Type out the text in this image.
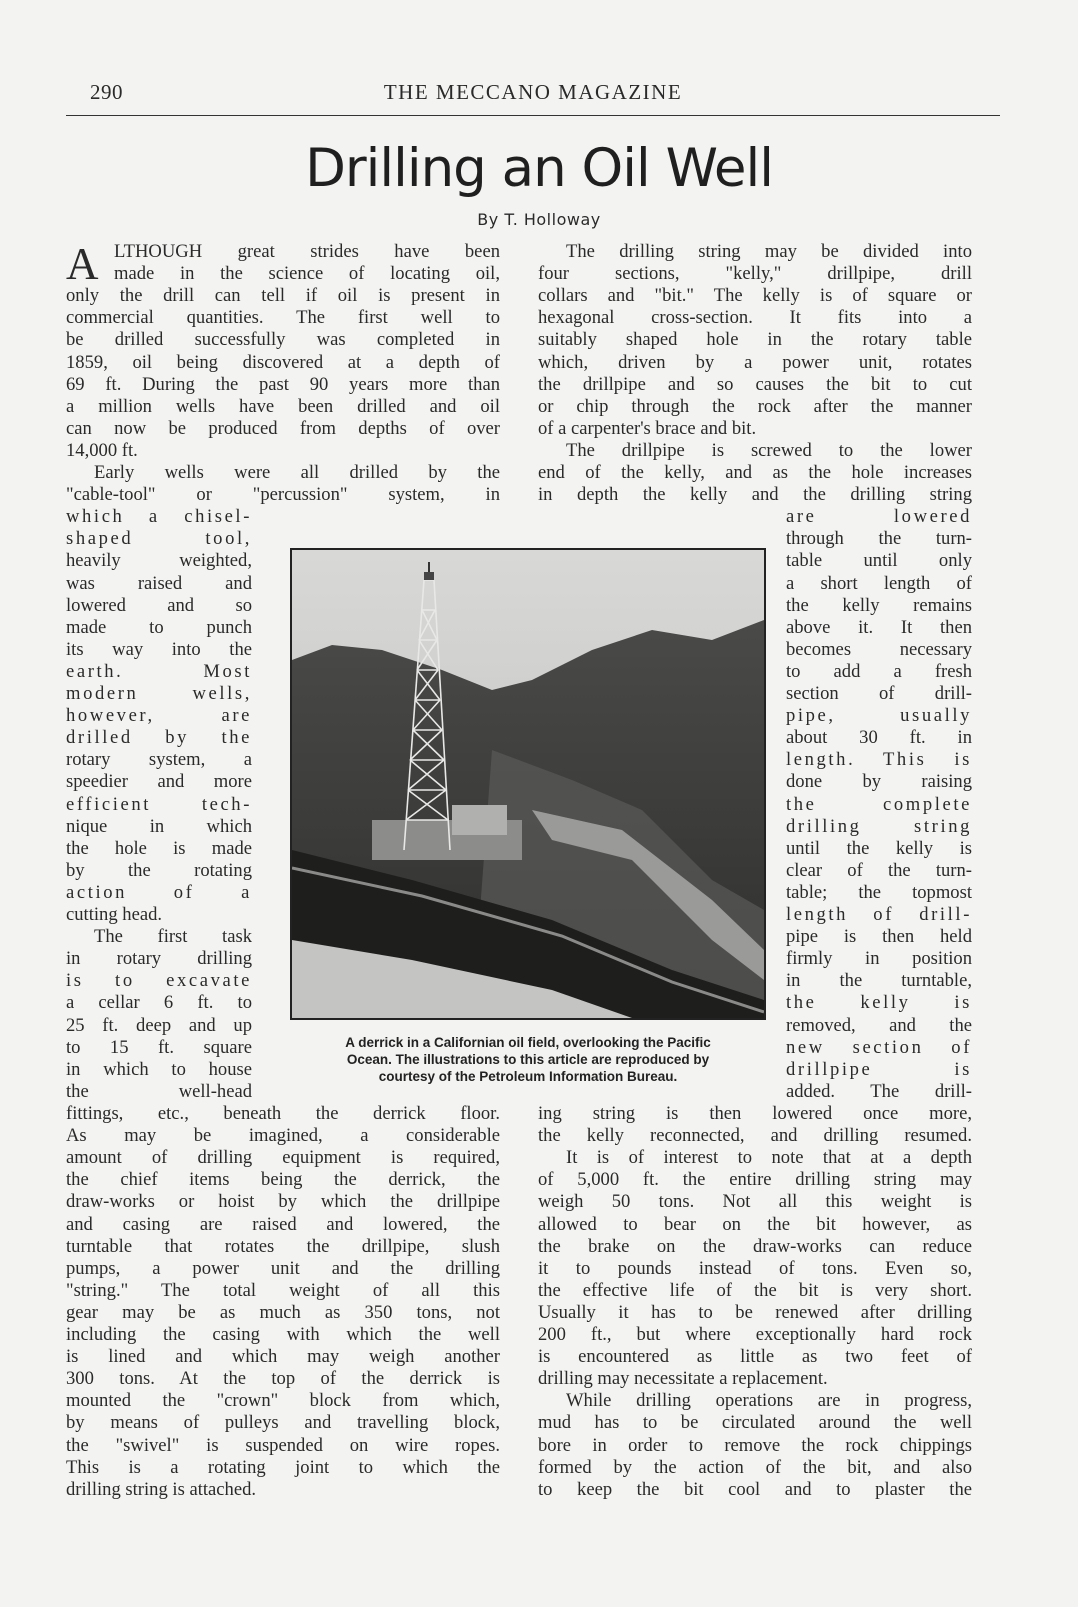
290	THE MECCANO MAGAZINE
Drilling an Oil Well
By T. Holloway
A LTHOUGH great strides have been
made in the science of locating oil,
only the drill can tell if oil is present in
commercial quantities. The first well to
be drilled successfully was completed in
1859, oil being discovered at a depth of
69 ft. During the past 90 years more than
a million wells have been drilled and oil
can now be produced from depths of over
14,000 ft.
Early wells were all drilled by the
"cable-tool" or "percussion" system, in
which a chisel-
shaped tool,
heavily weighted,
was raised and
lowered and so
made to punch
its way into the
earth. Most
modern wells,
however, are
drilled by the
rotary system, a
speedier and more
efficient tech-
nique in which
the hole is made
by the rotating
action of a
cutting head.
The first task
in rotary drilling
is to excavate
a cellar 6 ft. to
25 ft. deep and up
to 15 ft. square
in which to house
the well-head
fittings, etc., beneath the derrick floor.
As may be imagined, a considerable
amount of drilling equipment is required,
the chief items being the derrick, the
draw-works or hoist by which the drillpipe
and casing are raised and lowered, the
turntable that rotates the drillpipe, slush
pumps, a power unit and the drilling
"string." The total weight of all this
gear may be as much as 350 tons, not
including the casing with which the well
is lined and which may weigh another
300 tons. At the top of the derrick is
mounted the "crown" block from which,
by means of pulleys and travelling block,
the "swivel" is suspended on wire ropes.
This is a rotating joint to which the
drilling string is attached.
The drilling string may be divided into
four sections, "kelly," drillpipe, drill
collars and "bit." The kelly is of square or
hexagonal cross-section. It fits into a
suitably shaped hole in the rotary table
which, driven by a power unit, rotates
the drillpipe and so causes the bit to cut
or chip through the rock after the manner
of a carpenter's brace and bit.
The drillpipe is screwed to the lower
end of the kelly, and as the hole increases
in depth the kelly and the drilling string
are lowered
through the turn-
table until only
a short length of
the kelly remains
above it. It then
becomes necessary
to add a fresh
section of drill-
pipe, usually
about 30 ft. in
length. This is
done by raising
the complete
drilling string
until the kelly is
clear of the turn-
table; the topmost
length of drill-
pipe is then held
firmly in position
in the turntable,
the kelly is
removed, and the
new section of
drillpipe is
added. The drill-
ing string is then lowered once more,
the kelly reconnected, and drilling resumed.
It is of interest to note that at a depth
of 5,000 ft. the entire drilling string may
weigh 50 tons. Not all this weight is
allowed to bear on the bit however, as
the brake on the draw-works can reduce
it to pounds instead of tons. Even so,
the effective life of the bit is very short.
Usually it has to be renewed after drilling
200 ft., but where exceptionally hard rock
is encountered as little as two feet of
drilling may necessitate a replacement.
While drilling operations are in progress,
mud has to be circulated around the well
bore in order to remove the rock chippings
formed by the action of the bit, and also
to keep the bit cool and to plaster the
A derrick in a Californian oil field, overlooking the Pacific
Ocean. The illustrations to this article are reproduced by
courtesy of the Petroleum Information Bureau.
